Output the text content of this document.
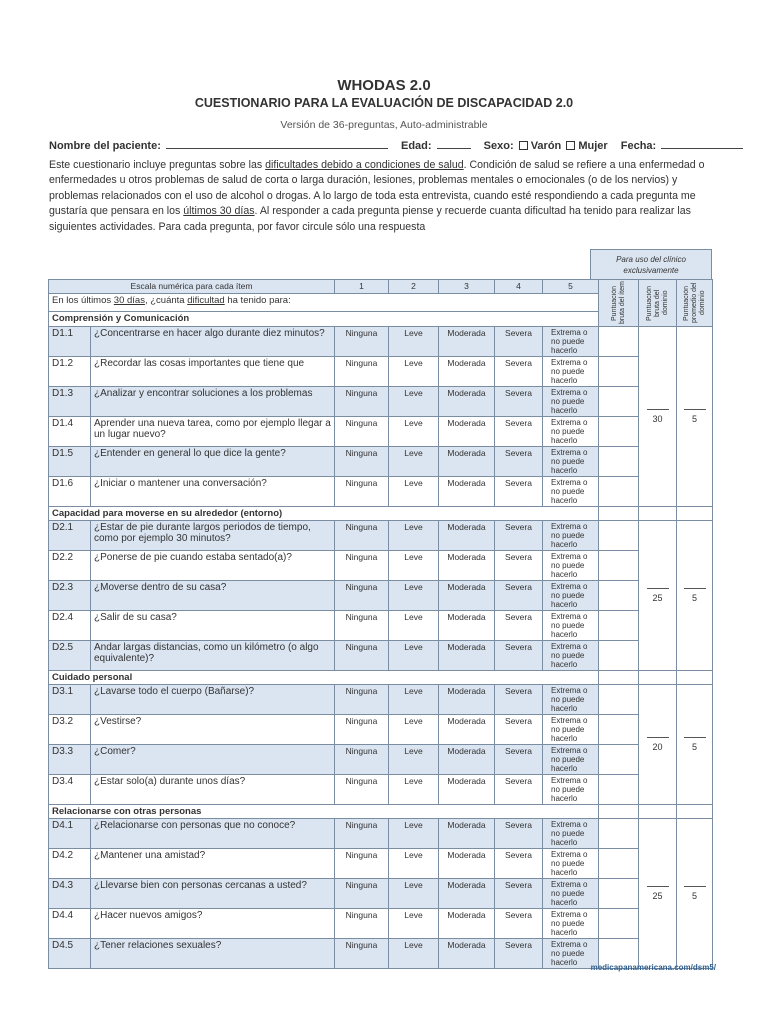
WHODAS 2.0
CUESTIONARIO PARA LA EVALUACIÓN DE DISCAPACIDAD 2.0
Versión de 36-preguntas, Auto-administrable
Nombre del paciente:	Edad:	Sexo: Varón Mujer Fecha:
Este cuestionario incluye preguntas sobre las dificultades debido a condiciones de salud. Condición de salud se refiere a una enfermedad o enfermedades u otros problemas de salud de corta o larga duración, lesiones, problemas mentales o emocionales (o de los nervios) y problemas relacionados con el uso de alcohol o drogas. A lo largo de toda esta entrevista, cuando esté respondiendo a cada pregunta me gustaría que pensara en los últimos 30 días. Al responder a cada pregunta piense y recuerde cuanta dificultad ha tenido para realizar las siguientes actividades. Para cada pregunta, por favor circule sólo una respuesta
Para uso del clínico exclusivamente
Escala numérica para cada ítem		1	2	3	4	5	Puntuación bruta del ítem	Puntuación bruta del dominio	Puntuación promedio del dominio

En los últimos 30 días, ¿cuánta dificultad ha tenido para:									
Comprensión y Comunicación									
D1.1	¿Concentrarse en hacer algo durante diez minutos?	Ninguna	Leve	Moderada	Severa	Extrema o no puede hacerlo		30	5
D1.2	¿Recordar las cosas importantes que tiene que	Ninguna	Leve	Moderada	Severa	Extrema o no puede hacerlo			
D1.3	¿Analizar y encontrar soluciones a los problemas	Ninguna	Leve	Moderada	Severa	Extrema o no puede hacerlo			
D1.4	Aprender una nueva tarea, como por ejemplo llegar a un lugar nuevo?	Ninguna	Leve	Moderada	Severa	Extrema o no puede hacerlo			
D1.5	¿Entender en general lo que dice la gente?	Ninguna	Leve	Moderada	Severa	Extrema o no puede hacerlo			
D1.6	¿Iniciar o mantener una conversación?	Ninguna	Leve	Moderada	Severa	Extrema o no puede hacerlo			
Capacidad para moverse en su alrededor (entorno)									
D2.1	¿Estar de pie durante largos periodos de tiempo, como por ejemplo 30 minutos?	Ninguna	Leve	Moderada	Severa	Extrema o no puede hacerlo		25	5
D2.2	¿Ponerse de pie cuando estaba sentado(a)?	Ninguna	Leve	Moderada	Severa	Extrema o no puede hacerlo			
D2.3	¿Moverse dentro de su casa?	Ninguna	Leve	Moderada	Severa	Extrema o no puede hacerlo			
D2.4	¿Salir de su casa?	Ninguna	Leve	Moderada	Severa	Extrema o no puede hacerlo			
D2.5	Andar largas distancias, como un kilómetro (o algo equivalente)?	Ninguna	Leve	Moderada	Severa	Extrema o no puede hacerlo			
Cuidado personal									
D3.1	¿Lavarse todo el cuerpo (Bañarse)?	Ninguna	Leve	Moderada	Severa	Extrema o no puede hacerlo		20	5
D3.2	¿Vestirse?	Ninguna	Leve	Moderada	Severa	Extrema o no puede hacerlo			
D3.3	¿Comer?	Ninguna	Leve	Moderada	Severa	Extrema o no puede hacerlo			
D3.4	¿Estar solo(a) durante unos días?	Ninguna	Leve	Moderada	Severa	Extrema o no puede hacerlo			
Relacionarse con otras personas									
D4.1	¿Relacionarse con personas que no conoce?	Ninguna	Leve	Moderada	Severa	Extrema o no puede hacerlo		25	5
D4.2	¿Mantener una amistad?	Ninguna	Leve	Moderada	Severa	Extrema o no puede hacerlo			
D4.3	¿Llevarse bien con personas cercanas a usted?	Ninguna	Leve	Moderada	Severa	Extrema o no puede hacerlo			
D4.4	¿Hacer nuevos amigos?	Ninguna	Leve	Moderada	Severa	Extrema o no puede hacerlo			
D4.5	¿Tener relaciones sexuales?	Ninguna	Leve	Moderada	Severa	Extrema o no puede hacerlo			
medicapanamericana.com/dsm5/
